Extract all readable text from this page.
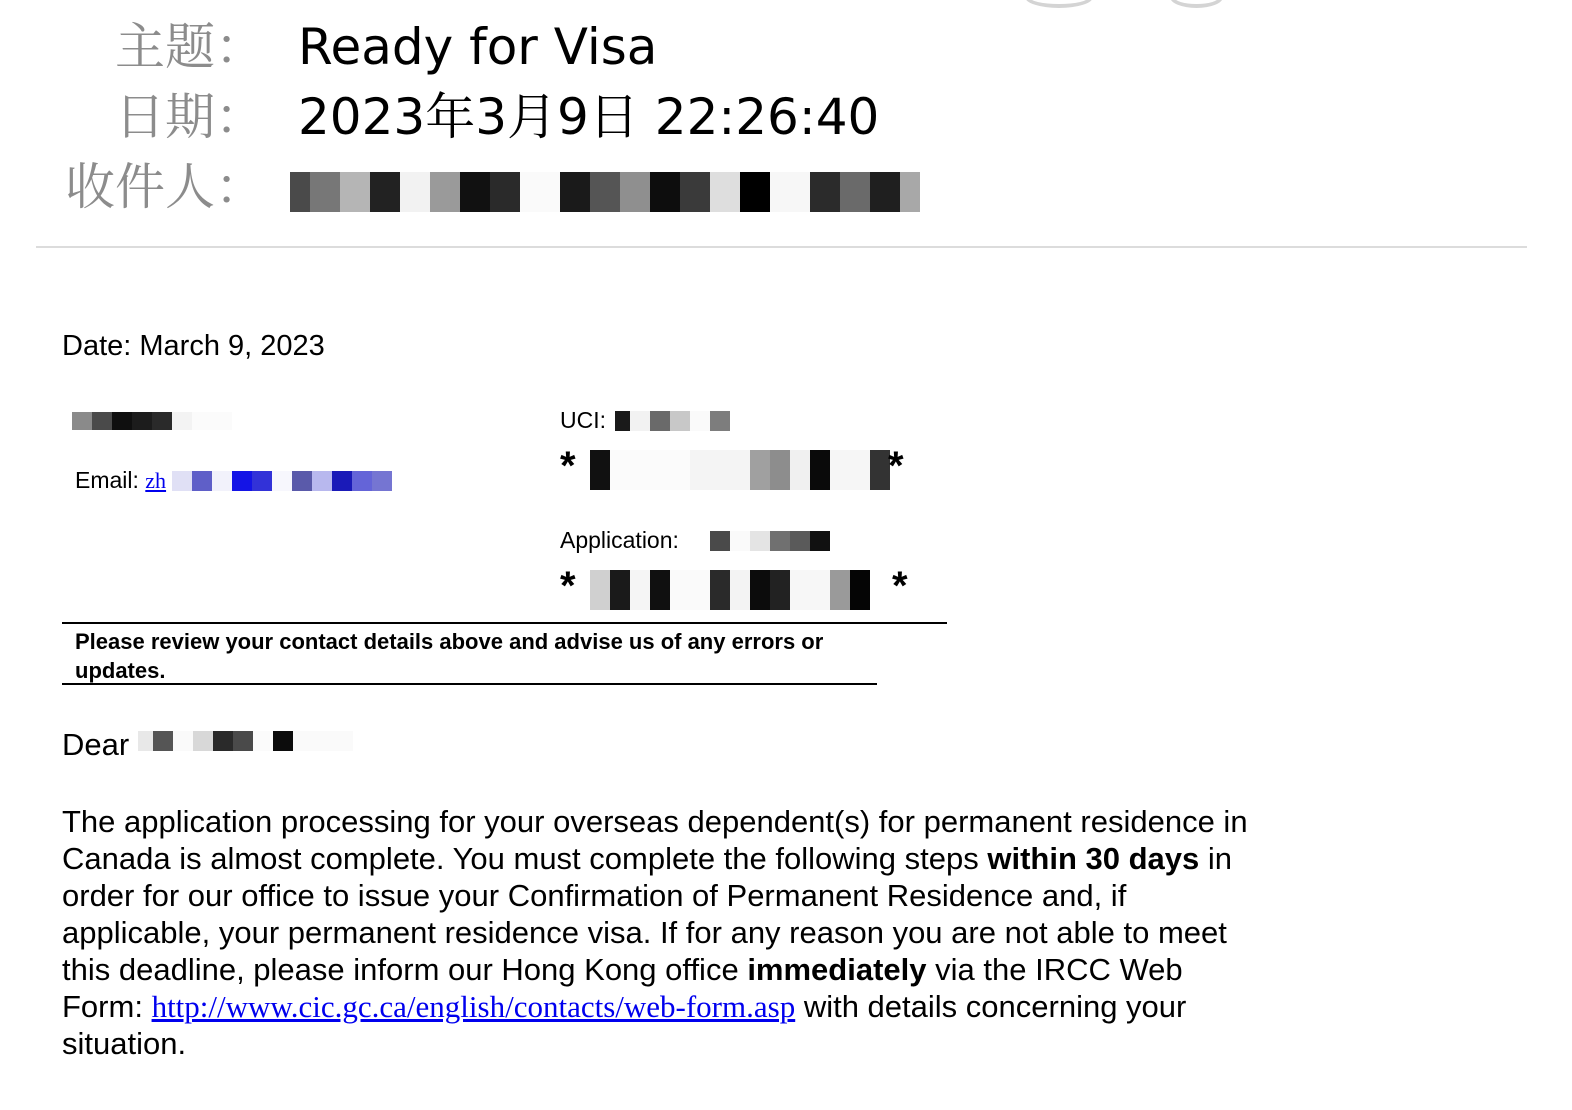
主题： Ready for Visa
日期： 2023年3月9日 22:26:40
收件人：
Date: March 9, 2023
Email: zh
UCI:
*	*
Application:
*	*
Please review your contact details above and advise us of any errors or updates.
Dear
The application processing for your overseas dependent(s) for permanent residence in Canada is almost complete. You must complete the following steps within 30 days in order for our office to issue your Confirmation of Permanent Residence and, if applicable, your permanent residence visa. If for any reason you are not able to meet this deadline, please inform our Hong Kong office immediately via the IRCC Web Form: http://www.cic.gc.ca/english/contacts/web-form.asp with details concerning your situation.
